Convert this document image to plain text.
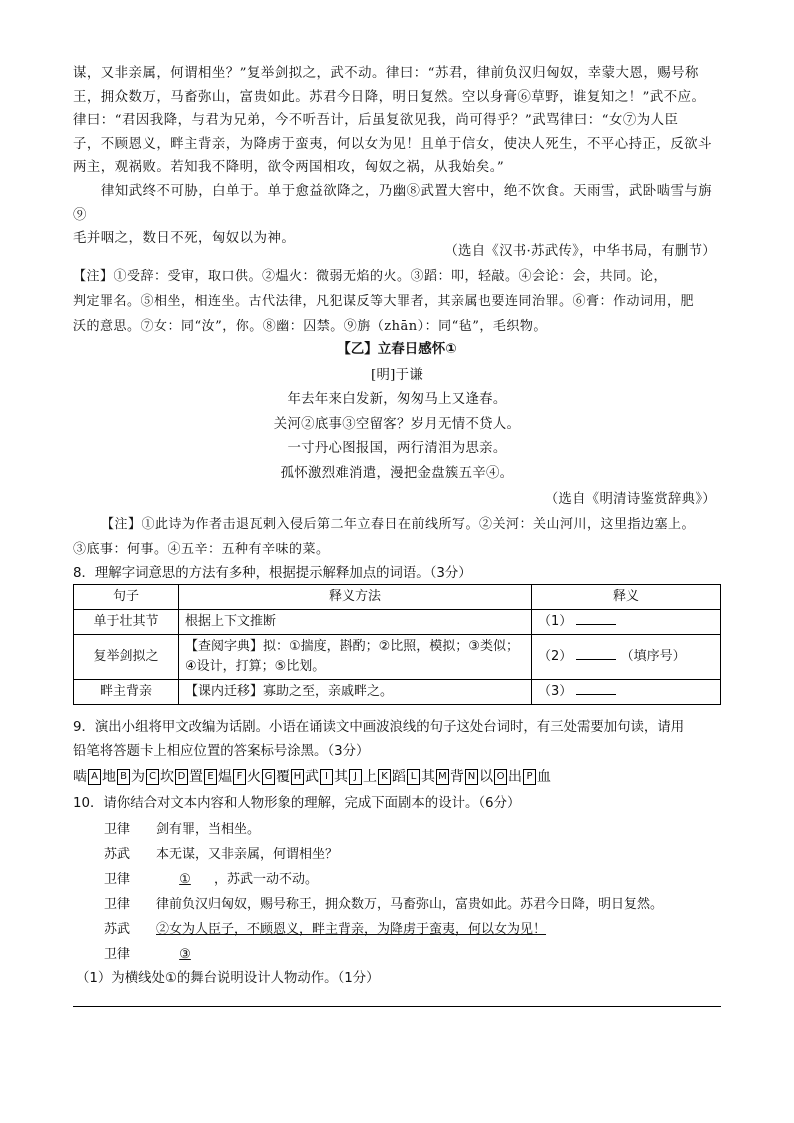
谋，又非亲属，何谓相坐？”复举剑拟之，武不动。律曰：“苏君，律前负汉归匈奴，幸蒙大恩，赐号称
王，拥众数万，马畜弥山，富贵如此。苏君今日降，明日复然。空以身膏⑥草野，谁复知之！”武不应。
律曰：“君因我降，与君为兄弟，今不听吾计，后虽复欲见我，尚可得乎？”武骂律曰：“女⑦为人臣
子，不顾恩义，畔主背亲，为降虏于蛮夷，何以女为见！且单于信女，使决人死生，不平心持正，反欲斗
两主，观祸败。若知我不降明，欲令两国相攻，匈奴之祸，从我始矣。”
律知武终不可胁，白单于。单于愈益欲降之，乃幽⑧武置大窖中，绝不饮食。天雨雪，武卧啮雪与旃⑨
毛并咽之，数日不死，匈奴以为神。
（选自《汉书·苏武传》，中华书局，有删节）
【注】①受辞：受审，取口供。②煴火：微弱无焰的火。③蹈：叩，轻敲。④会论：会，共同。论，
判定罪名。⑤相坐，相连坐。古代法律，凡犯谋反等大罪者，其亲属也要连同治罪。⑥膏：作动词用，肥
沃的意思。⑦女：同“汝”，你。⑧幽：囚禁。⑨旃（zhān）：同“毡”，毛织物。
【乙】立春日感怀①
[明]于谦
年去年来白发新，匆匆马上又逢春。
关河②底事③空留客？岁月无情不贷人。
一寸丹心图报国，两行清泪为思亲。
孤怀激烈难消遣，漫把金盘簇五辛④。
（选自《明清诗鉴赏辞典》）
【注】①此诗为作者击退瓦剌入侵后第二年立春日在前线所写。②关河：关山河川，这里指边塞上。
③底事：何事。④五辛：五种有辛味的菜。
8．理解字词意思的方法有多种，根据提示解释加点的词语。（3分）
句子	释义方法	释义
单于壮其节	根据上下文推断	（1）
复举剑拟之	【查阅字典】拟：①揣度，斟酌；②比照，模拟；③类似；④设计，打算；⑤比划。	（2） （填序号）
畔主背亲	【课内迁移】寡助之至，亲戚畔之。	（3）
9．演出小组将甲文改编为话剧。小语在诵读文中画波浪线的句子这处台词时，有三处需要加句读，请用
铅笔将答题卡上相应位置的答案标号涂黑。（3分）
啮 A 地 B 为 C 坎 D 置 E 煴 F 火 G 覆 H 武 I 其 J 上 K 蹈 L 其 M 背 N 以 O 出 P 血
10．请你结合对文本内容和人物形象的理解，完成下面剧本的设计。（6分）
卫律 剑有罪，当相坐。
苏武 本无谋，又非亲属，何谓相坐？
卫律	① ，苏武一动不动。
卫律 律前负汉归匈奴，赐号称王，拥众数万，马畜弥山，富贵如此。苏君今日降，明日复然。
苏武 ②女为人臣子，不顾恩义，畔主背亲，为降虏于蛮夷，何以女为见！
卫律	③
（1）为横线处①的舞台说明设计人物动作。（1分）
